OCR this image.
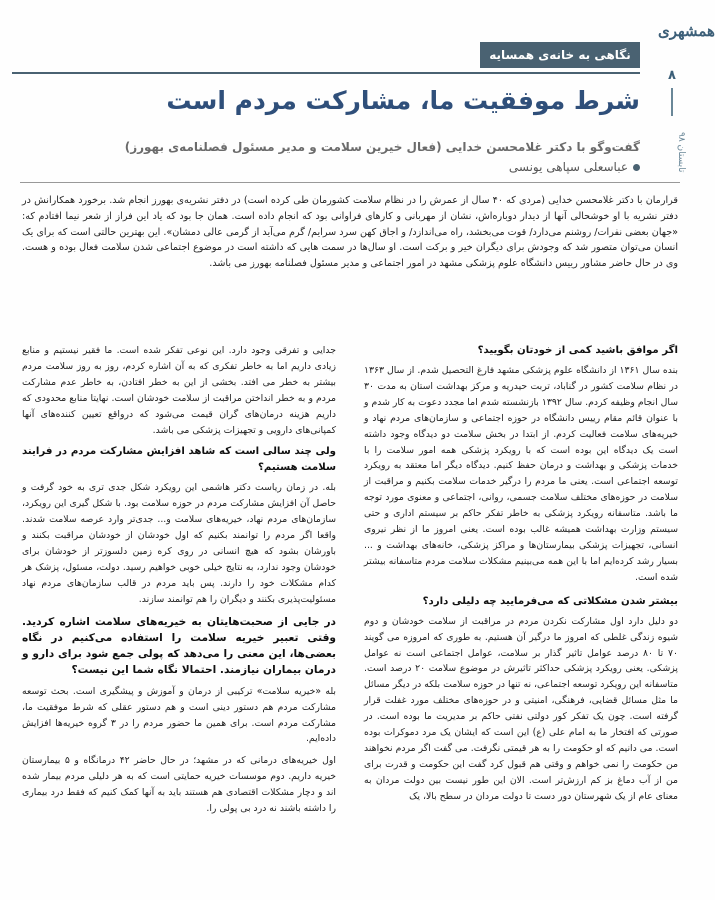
همشهری
۸
تابستان ۹۸
نگاهی به خانه‌ی همسایه
شرط موفقیت ما، مشارکت مردم است
گفت‌وگو با دکتر غلامحسن خدایی (فعال خیرین سلامت و مدیر مسئول فصلنامه‌ی بهورز)
عباسعلی سپاهی یونسی

قرارمان با دکتر غلامحسن خدایی (مردی که ۴۰ سال از عمرش را در نظام سلامت کشورمان طی کرده است) در دفتر نشریه‌ی بهورز انجام شد. برخورد همکارانش در دفتر نشریه با او خوشحالی آنها از دیدار دوباره‌اش، نشان از مهربانی و کارهای فراوانی بود که انجام داده است. همان جا بود که یاد این فراز از شعر نیما افتادم که: «جهان بعضی نفرات/ روشنم می‌دارد/ قوت می‌بخشد، راه می‌اندازد/ و اجاق کهن سرد سرایم/ گرم می‌آید از گرمی عالی دمشان». این بهترین حالتی است که برای یک انسان می‌توان متصور شد که وجودش برای دیگران خیر و برکت است. او سال‌ها در سمت هایی که داشته است در موضوع اجتماعی شدن سلامت فعال بوده و هست. وی در حال حاضر مشاور رییس دانشگاه علوم پزشکی مشهد در امور اجتماعی و مدیر مسئول فصلنامه بهورز می باشد.

اگر موافق باشید کمی از خودتان بگویید؟

بنده سال ۱۳۶۱ از دانشگاه علوم پزشکی مشهد فارغ التحصیل شدم. از سال ۱۳۶۳ در نظام سلامت کشور در گناباد، تربت حیدریه و مرکز بهداشت استان به مدت ۳۰ سال انجام وظیفه کردم. سال ۱۳۹۲ بازنشسته شدم اما مجدد دعوت به کار شدم و با عنوان قائم مقام رییس دانشگاه در حوزه اجتماعی و سازمان‌های مردم نهاد و خیریه‌های سلامت فعالیت کردم. از ابتدا در بخش سلامت دو دیدگاه وجود داشته است یک دیدگاه این بوده است که با رویکرد پزشکی همه امور سلامت را با خدمات پزشکی و بهداشت و درمان حفظ کنیم. دیدگاه دیگر اما معتقد به رویکرد توسعه اجتماعی است. یعنی ما مردم را درگیر خدمات سلامت بکنیم و مراقبت از سلامت در حوزه‌های مختلف سلامت جسمی، روانی، اجتماعی و معنوی مورد توجه ما باشد. متاسفانه رویکرد پزشکی به خاطر تفکر حاکم بر سیستم اداری و حتی سیستم وزارت بهداشت همیشه غالب بوده است. یعنی امروز ما از نظر نیروی انسانی، تجهیزات پزشکی بیمارستان‌ها و مراکز پزشکی، خانه‌های بهداشت و ... بسیار رشد کرده‌ایم اما با این همه می‌بینیم مشکلات سلامت مردم متاسفانه بیشتر شده است.

بیشتر شدن مشکلاتی که می‌فرمایید چه دلیلی دارد؟

دو دلیل دارد اول مشارکت نکردن مردم در مراقبت از سلامت خودشان و دوم شیوه زندگی غلطی که امروز ما درگیر آن هستیم. به طوری که امروزه می گویند ۷۰ تا ۸۰ درصد عوامل تاثیر گذار بر سلامت، عوامل اجتماعی است نه عوامل پزشکی. یعنی رویکرد پزشکی حداکثر تاثیرش در موضوع سلامت ۲۰ درصد است. متاسفانه این رویکرد توسعه اجتماعی، نه تنها در حوزه سلامت بلکه در دیگر مسائل ما مثل مسائل قضایی، فرهنگی، امنیتی و در حوزه‌های مختلف مورد غفلت قرار گرفته است. چون یک تفکر کور دولتی نفتی حاکم بر مدیریت ما بوده است. در صورتی که افتخار ما به امام علی (ع) این است که ایشان یک مرد دموکرات بوده است. می دانیم که او حکومت را به هر قیمتی نگرفت. می گفت اگر مردم نخواهند من حکومت را نمی خواهم و وقتی هم قبول کرد گفت این حکومت و قدرت برای من از آب دماغ بز کم ارزش‌تر است. الان این طور نیست بین دولت مردان به معنای عام از یک شهرستان دور دست تا دولت مردان در سطح بالا، یک

جدایی و تفرقی وجود دارد. این نوعی تفکر شده است. ما فقیر نیستیم و منابع زیادی داریم اما به خاطر تفکری که به آن اشاره کردم، روز به روز سلامت مردم بیشتر به خطر می افتد. بخشی از این به خطر افتادن، به خاطر عدم مشارکت مردم و به خطر انداختن مراقبت از سلامت خودشان است. نهایتا منابع محدودی که داریم هزینه درمان‌های گران قیمت می‌شود که درواقع تعیین کننده‌های آنها کمپانی‌های دارویی و تجهیزات پزشکی می باشد.

ولی چند سالی است که شاهد افزایش مشارکت مردم در فرایند سلامت هستیم؟

بله. در زمان ریاست دکتر هاشمی این رویکرد شکل جدی تری به خود گرفت و حاصل آن افزایش مشارکت مردم در حوزه سلامت بود. با شکل گیری این رویکرد، سازمان‌های مردم نهاد، خیریه‌های سلامت و... جدی‌تر وارد عرصه سلامت شدند. واقعا اگر مردم را توانمند بکنیم که اول خودشان از خودشان مراقبت بکنند و باورشان بشود که هیچ انسانی در روی کره زمین دلسوزتر از خودشان برای خودشان وجود ندارد، به نتایج خیلی خوبی خواهیم رسید. دولت، مسئول، پزشک هر کدام مشکلات خود را دارند. پس باید مردم در قالب سازمان‌های مردم نهاد مسئولیت‌پذیری بکنند و دیگران را هم توانمند سازند.

در جایی از صحبت‌هایتان به خیریه‌های سلامت اشاره کردید. وقتی تعبیر خیریه سلامت را استفاده می‌کنیم در نگاه بعضی‌ها، این معنی را می‌دهد که پولی جمع شود برای دارو و درمان بیماران نیازمند. احتمالا نگاه شما این نیست؟

بله «خیریه سلامت» ترکیبی از درمان و آموزش و پیشگیری است. بحث توسعه مشارکت مردم هم دستور دینی است و هم دستور عقلی که شرط موفقیت ما، مشارکت مردم است. برای همین ما حضور مردم را در ۳ گروه خیریه‌ها افزایش داده‌ایم.

اول خیریه‌های درمانی که در مشهد؛ در حال حاضر ۴۲ درمانگاه و ۵ بیمارستان خیریه داریم. دوم موسسات خیریه حمایتی است که به هر دلیلی مردم بیمار شده اند و دچار مشکلات اقتصادی هم هستند باید به آنها کمک کنیم که فقط درد بیماری را داشته باشند نه درد بی پولی را.
